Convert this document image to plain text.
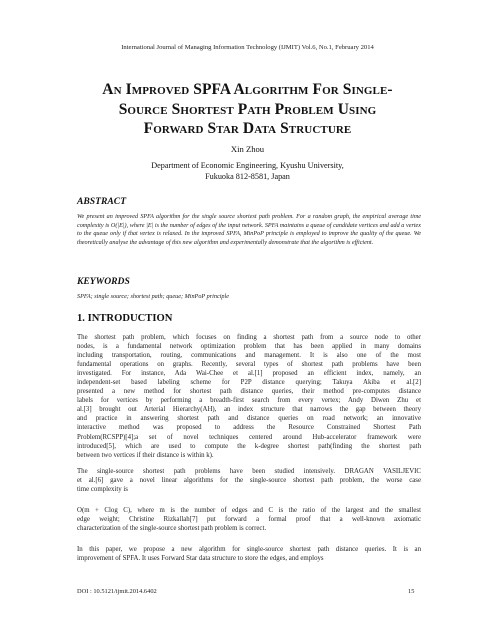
International Journal of Managing Information Technology (IJMIT) Vol.6, No.1, February 2014
An Improved SPFA Algorithm For Single-
Source Shortest Path Problem Using
Forward Star Data Structure
Xin Zhou
Department of Economic Engineering, Kyushu University,
Fukuoka 812-8581, Japan
ABSTRACT
We present an improved SPFA algorithm for the single source shortest path problem. For a random graph, the empirical average time complexity is O(|E|), where |E| is the number of edges of the input network. SPFA maintains a queue of candidate vertices and add a vertex to the queue only if that vertex is relaxed. In the improved SPFA, MinPoP principle is employed to improve the quality of the queue. We theoretically analyse the advantage of this new algorithm and experimentally demonstrate that the algorithm is efficient.
KEYWORDS
SPFA; single source; shortest path; queue; MinPoP principle
1. INTRODUCTION
The shortest path problem, which focuses on finding a shortest path from a source node to other
nodes, is a fundamental network optimization problem that has been applied in many domains
including transportation, routing, communications and management. It is also one of the most
fundamental operations on graphs. Recently, several types of shortest path problems have been
investigated. For instance, Ada Wai-Chee et al.[1] proposed an efficient index, namely, an
independent-set based labeling scheme for P2P distance querying; Takuya Akiba et al.[2]
presented a new method for shortest path distance queries, their method pre-computes distance
labels for vertices by performing a breadth-first search from every vertex; Andy Diwen Zhu et
al.[3] brought out Arterial Hierarchy(AH), an index structure that narrows the gap between theory
and practice in answering shortest path and distance queries on road network; an innovative
interactive method was proposed to address the Resource Constrained Shortest Path
Problem(RCSPP)[4];a set of novel techniques centered around Hub-accelerator framework were
introduced[5], which are used to compute the k-degree shortest path(finding the shortest path
between two vertices if their distance is within k).
The single-source shortest path problems have been studied intensively. DRAGAN VASILJEVIC
et al.[6] gave a novel linear algorithms for the single-source shortest path problem, the worse case
time complexity is
O(m + Clog C), where m is the number of edges and C is the ratio of the largest and the smallest
edge weight; Christine Rizkallah[7] put forward a formal proof that a well-known axiomatic
characterization of the single-source shortest path problem is correct.
In this paper, we propose a new algorithm for single-source shortest path distance queries. It is an
improvement of SPFA. It uses Forward Star data structure to store the edges, and employs
DOI : 10.5121/ijmit.2014.6402	15
